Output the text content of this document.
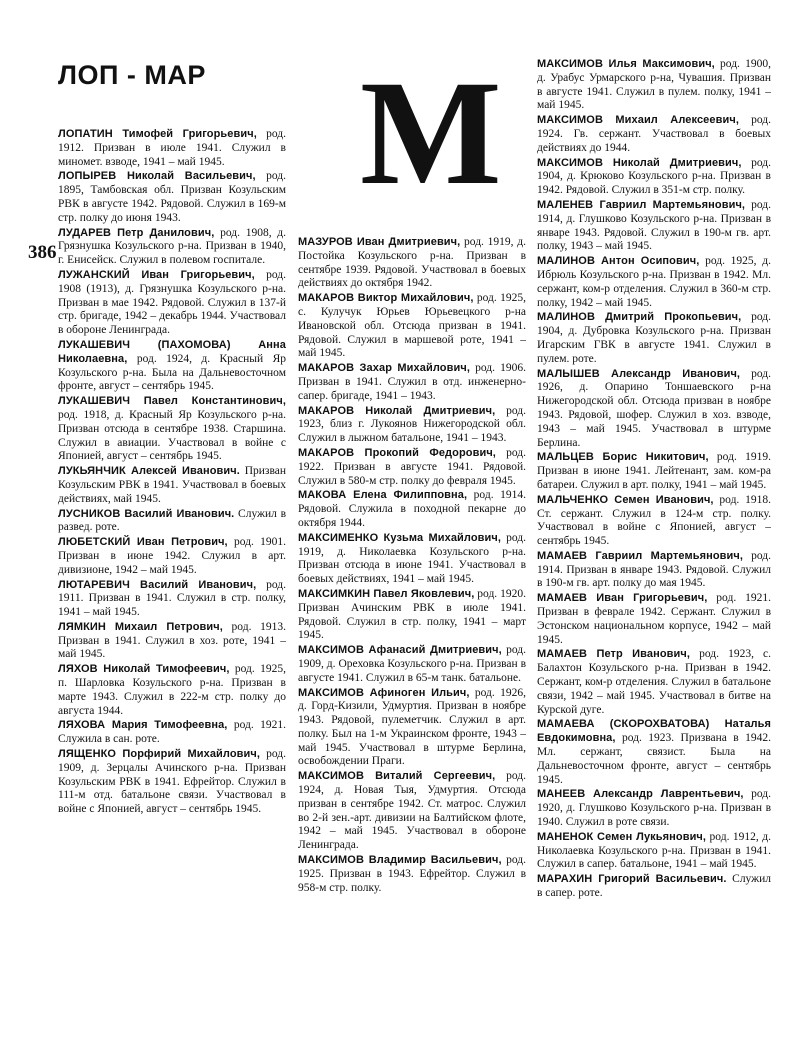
ЛОП - МАР М
386
ЛОПАТИН Тимофей Григорьевич, род. 1912. Призван в июле 1941. Служил в миномет. взводе, 1941 – май 1945.
ЛОПЫРЕВ Николай Васильевич, род. 1895, Тамбовская обл. Призван Козульским РВК в августе 1942. Рядовой. Служил в 169-м стр. полку до июня 1943.
ЛУДАРЕВ Петр Данилович, род. 1908, д. Грязнушка Козульского р-на. Призван в 1940, г. Енисейск. Служил в полевом госпитале.
ЛУЖАНСКИЙ Иван Григорьевич, род. 1908 (1913), д. Грязнушка Козульского р-на. Призван в мае 1942. Рядовой. Служил в 137-й стр. бригаде, 1942 – декабрь 1944. Участвовал в обороне Ленинграда.
ЛУКАШЕВИЧ (ПАХОМОВА) Анна Николаевна, род. 1924, д. Красный Яр Козульского р-на. Была на Дальневосточном фронте, август – сентябрь 1945.
ЛУКАШЕВИЧ Павел Константинович, род. 1918, д. Красный Яр Козульского р-на. Призван отсюда в сентябре 1938. Старшина. Служил в авиации. Участвовал в войне с Японией, август – сентябрь 1945.
ЛУКЬЯНЧИК Алексей Иванович. Призван Козульским РВК в 1941. Участвовал в боевых действиях, май 1945.
ЛУСНИКОВ Василий Иванович. Служил в развед. роте.
ЛЮБЕТСКИЙ Иван Петрович, род. 1901. Призван в июне 1942. Служил в арт. дивизионе, 1942 – май 1945.
ЛЮТАРЕВИЧ Василий Иванович, род. 1911. Призван в 1941. Служил в стр. полку, 1941 – май 1945.
ЛЯМКИН Михаил Петрович, род. 1913. Призван в 1941. Служил в хоз. роте, 1941 – май 1945.
ЛЯХОВ Николай Тимофеевич, род. 1925, п. Шарловка Козульского р-на. Призван в марте 1943. Служил в 222-м стр. полку до августа 1944.
ЛЯХОВА Мария Тимофеевна, род. 1921. Служила в сан. роте.
ЛЯЩЕНКО Порфирий Михайлович, род. 1909, д. Зерцалы Ачинского р-на. Призван Козульским РВК в 1941. Ефрейтор. Служил в 111-м отд. батальоне связи. Участвовал в войне с Японией, август – сентябрь 1945.
МАЗУРОВ Иван Дмитриевич, род. 1919, д. Постойка Козульского р-на. Призван в сентябре 1939. Рядовой. Участвовал в боевых действиях до октября 1942.
МАКАРОВ Виктор Михайлович, род. 1925, с. Кулучук Юрьев Юрьевецкого р-на Ивановской обл. Отсюда призван в 1941. Рядовой. Служил в маршевой роте, 1941 – май 1945.
МАКАРОВ Захар Михайлович, род. 1906. Призван в 1941. Служил в отд. инженерно-сапер. бригаде, 1941 – 1943.
МАКАРОВ Николай Дмитриевич, род. 1923, близ г. Лукоянов Нижегородской обл. Служил в лыжном батальоне, 1941 – 1943.
МАКАРОВ Прокопий Федорович, род. 1922. Призван в августе 1941. Рядовой. Служил в 580-м стр. полку до февраля 1945.
МАКОВА Елена Филипповна, род. 1914. Рядовой. Служила в походной пекарне до октября 1944.
МАКСИМЕНКО Кузьма Михайлович, род. 1919, д. Николаевка Козульского р-на. Призван отсюда в июне 1941. Участвовал в боевых действиях, 1941 – май 1945.
МАКСИМКИН Павел Яковлевич, род. 1920. Призван Ачинским РВК в июле 1941. Рядовой. Служил в стр. полку, 1941 – март 1945.
МАКСИМОВ Афанасий Дмитриевич, род. 1909, д. Ореховка Козульского р-на. Призван в августе 1941. Служил в 65-м танк. батальоне.
МАКСИМОВ Афиноген Ильич, род. 1926, д. Горд-Кизили, Удмуртия. Призван в ноябре 1943. Рядовой, пулеметчик. Служил в арт. полку. Был на 1-м Украинском фронте, 1943 – май 1945. Участвовал в штурме Берлина, освобождении Праги.
МАКСИМОВ Виталий Сергеевич, род. 1924, д. Новая Тыя, Удмуртия. Отсюда призван в сентябре 1942. Ст. матрос. Служил во 2-й зен.-арт. дивизии на Балтийском флоте, 1942 – май 1945. Участвовал в обороне Ленинграда.
МАКСИМОВ Владимир Васильевич, род. 1925. Призван в 1943. Ефрейтор. Служил в 958-м стр. полку.
МАКСИМОВ Илья Максимович, род. 1900, д. Урабус Урмарского р-на, Чувашия. Призван в августе 1941. Служил в пулем. полку, 1941 – май 1945.
МАКСИМОВ Михаил Алексеевич, род. 1924. Гв. сержант. Участвовал в боевых действиях до 1944.
МАКСИМОВ Николай Дмитриевич, род. 1904, д. Крюково Козульского р-на. Призван в 1942. Рядовой. Служил в 351-м стр. полку.
МАЛЕНЕВ Гавриил Мартемьянович, род. 1914, д. Глушково Козульского р-на. Призван в январе 1943. Рядовой. Служил в 190-м гв. арт. полку, 1943 – май 1945.
МАЛИНОВ Антон Осипович, род. 1925, д. Ибрюль Козульского р-на. Призван в 1942. Мл. сержант, ком-р отделения. Служил в 360-м стр. полку, 1942 – май 1945.
МАЛИНОВ Дмитрий Прокопьевич, род. 1904, д. Дубровка Козульского р-на. Призван Игарским ГВК в августе 1941. Служил в пулем. роте.
МАЛЫШЕВ Александр Иванович, род. 1926, д. Опарино Тоншаевского р-на Нижегородской обл. Отсюда призван в ноябре 1943. Рядовой, шофер. Служил в хоз. взводе, 1943 – май 1945. Участвовал в штурме Берлина.
МАЛЬЦЕВ Борис Никитович, род. 1919. Призван в июне 1941. Лейтенант, зам. ком-ра батареи. Служил в арт. полку, 1941 – май 1945.
МАЛЬЧЕНКО Семен Иванович, род. 1918. Ст. сержант. Служил в 124-м стр. полку. Участвовал в войне с Японией, август – сентябрь 1945.
МАМАЕВ Гавриил Мартемьянович, род. 1914. Призван в январе 1943. Рядовой. Служил в 190-м гв. арт. полку до мая 1945.
МАМАЕВ Иван Григорьевич, род. 1921. Призван в феврале 1942. Сержант. Служил в Эстонском национальном корпусе, 1942 – май 1945.
МАМАЕВ Петр Иванович, род. 1923, с. Балахтон Козульского р-на. Призван в 1942. Сержант, ком-р отделения. Служил в батальоне связи, 1942 – май 1945. Участвовал в битве на Курской дуге.
МАМАЕВА (СКОРОХВАТОВА) Наталья Евдокимовна, род. 1923. Призвана в 1942. Мл. сержант, связист. Была на Дальневосточном фронте, август – сентябрь 1945.
МАНЕЕВ Александр Лаврентьевич, род. 1920, д. Глушково Козульского р-на. Призван в 1940. Служил в роте связи.
МАНЕНОК Семен Лукьянович, род. 1912, д. Николаевка Козульского р-на. Призван в 1941. Служил в сапер. батальоне, 1941 – май 1945.
МАРАХИН Григорий Васильевич. Служил в сапер. роте.
